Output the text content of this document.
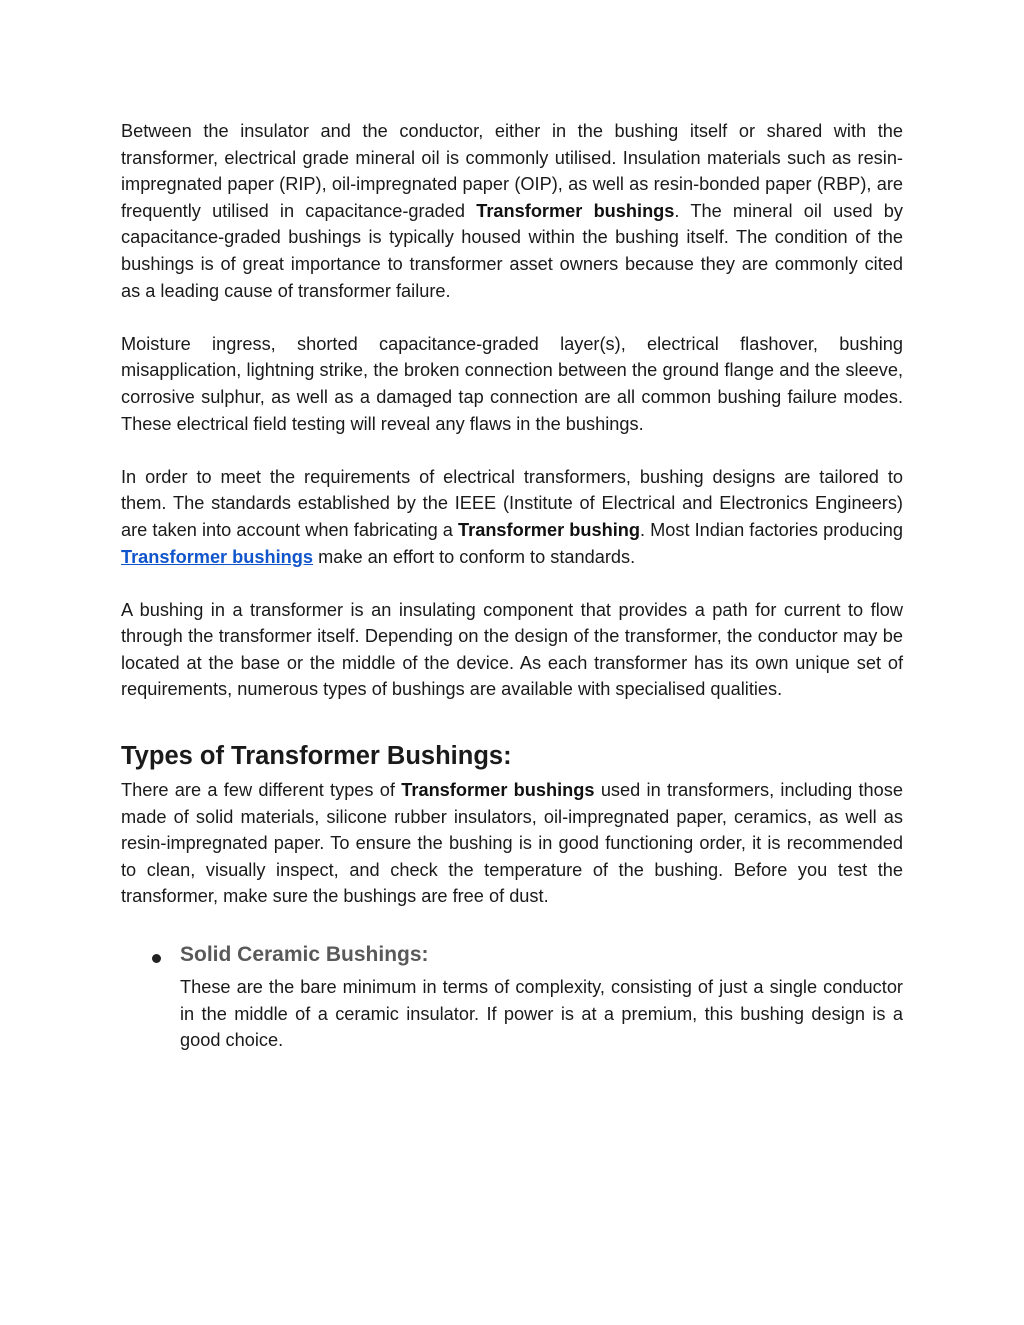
Between the insulator and the conductor, either in the bushing itself or shared with the transformer, electrical grade mineral oil is commonly utilised. Insulation materials such as resin-impregnated paper (RIP), oil-impregnated paper (OIP), as well as resin-bonded paper (RBP), are frequently utilised in capacitance-graded Transformer bushings. The mineral oil used by capacitance-graded bushings is typically housed within the bushing itself. The condition of the bushings is of great importance to transformer asset owners because they are commonly cited as a leading cause of transformer failure.

Moisture ingress, shorted capacitance-graded layer(s), electrical flashover, bushing misapplication, lightning strike, the broken connection between the ground flange and the sleeve, corrosive sulphur, as well as a damaged tap connection are all common bushing failure modes. These electrical field testing will reveal any flaws in the bushings.

In order to meet the requirements of electrical transformers, bushing designs are tailored to them. The standards established by the IEEE (Institute of Electrical and Electronics Engineers) are taken into account when fabricating a Transformer bushing. Most Indian factories producing Transformer bushings make an effort to conform to standards.

A bushing in a transformer is an insulating component that provides a path for current to flow through the transformer itself. Depending on the design of the transformer, the conductor may be located at the base or the middle of the device. As each transformer has its own unique set of requirements, numerous types of bushings are available with specialised qualities.

Types of Transformer Bushings:

There are a few different types of Transformer bushings used in transformers, including those made of solid materials, silicone rubber insulators, oil-impregnated paper, ceramics, as well as resin-impregnated paper. To ensure the bushing is in good functioning order, it is recommended to clean, visually inspect, and check the temperature of the bushing. Before you test the transformer, make sure the bushings are free of dust.

Solid Ceramic Bushings:

These are the bare minimum in terms of complexity, consisting of just a single conductor in the middle of a ceramic insulator. If power is at a premium, this bushing design is a good choice.
